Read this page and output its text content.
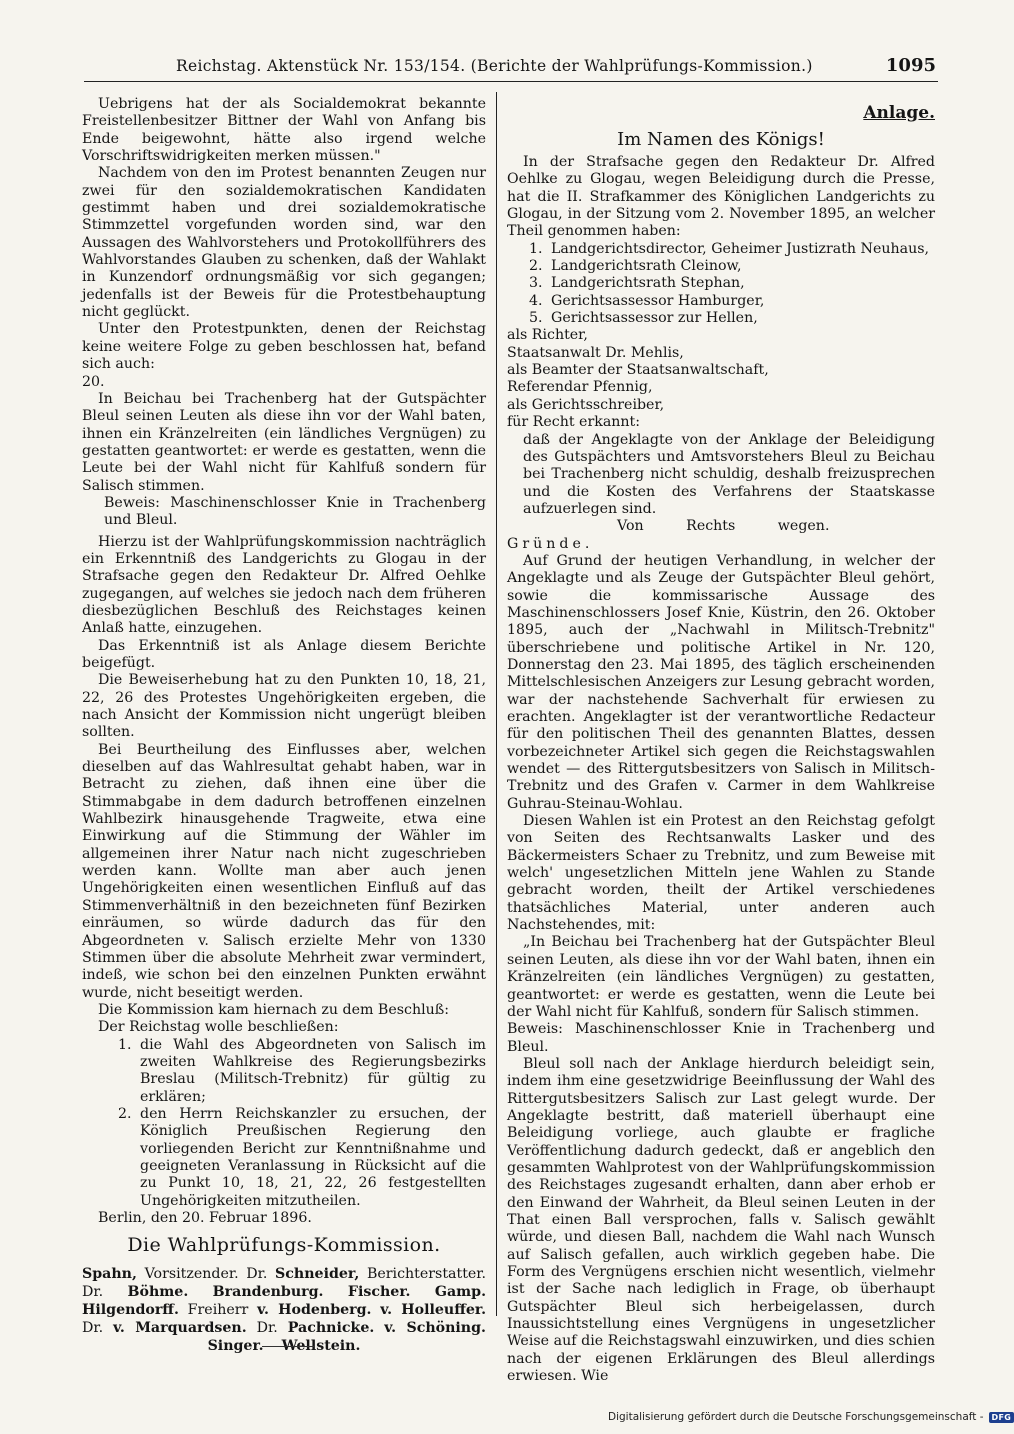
Reichstag. Aktenstück Nr. 153/154. (Berichte der Wahlprüfungs-Kommission.)	1095

Uebrigens hat der als Socialdemokrat bekannte Freistellenbesitzer Bittner der Wahl von Anfang bis Ende beigewohnt, hätte also irgend welche Vorschriftswidrigkeiten merken müssen."

Nachdem von den im Protest benannten Zeugen nur zwei für den sozialdemokratischen Kandidaten gestimmt haben und drei sozialdemokratische Stimmzettel vorgefunden worden sind, war den Aussagen des Wahlvorstehers und Protokollführers des Wahlvorstandes Glauben zu schenken, daß der Wahlakt in Kunzendorf ordnungsmäßig vor sich gegangen; jedenfalls ist der Beweis für die Protestbehauptung nicht geglückt.

Unter den Protestpunkten, denen der Reichstag keine weitere Folge zu geben beschlossen hat, befand sich auch:

20.

In Beichau bei Trachenberg hat der Gutspächter Bleul seinen Leuten als diese ihn vor der Wahl baten, ihnen ein Kränzelreiten (ein ländliches Vergnügen) zu gestatten geantwortet: er werde es gestatten, wenn die Leute bei der Wahl nicht für Kahlfuß sondern für Salisch stimmen.

Beweis: Maschinenschlosser Knie in Trachenberg und Bleul.

Hierzu ist der Wahlprüfungskommission nachträglich ein Erkenntniß des Landgerichts zu Glogau in der Strafsache gegen den Redakteur Dr. Alfred Oehlke zugegangen, auf welches sie jedoch nach dem früheren diesbezüglichen Beschluß des Reichstages keinen Anlaß hatte, einzugehen.

Das Erkenntniß ist als Anlage diesem Berichte beigefügt.

Die Beweiserhebung hat zu den Punkten 10, 18, 21, 22, 26 des Protestes Ungehörigkeiten ergeben, die nach Ansicht der Kommission nicht ungerügt bleiben sollten.

Bei Beurtheilung des Einflusses aber, welchen dieselben auf das Wahlresultat gehabt haben, war in Betracht zu ziehen, daß ihnen eine über die Stimmabgabe in dem dadurch betroffenen einzelnen Wahlbezirk hinausgehende Tragweite, etwa eine Einwirkung auf die Stimmung der Wähler im allgemeinen ihrer Natur nach nicht zugeschrieben werden kann. Wollte man aber auch jenen Ungehörigkeiten einen wesentlichen Einfluß auf das Stimmenverhältniß in den bezeichneten fünf Bezirken einräumen, so würde dadurch das für den Abgeordneten v. Salisch erzielte Mehr von 1330 Stimmen über die absolute Mehrheit zwar vermindert, indeß, wie schon bei den einzelnen Punkten erwähnt wurde, nicht beseitigt werden.

Die Kommission kam hiernach zu dem Beschluß:

Der Reichstag wolle beschließen:

1. die Wahl des Abgeordneten von Salisch im zweiten Wahlkreise des Regierungsbezirks Breslau (Militsch-Trebnitz) für gültig zu erklären;
2. den Herrn Reichskanzler zu ersuchen, der Königlich Preußischen Regierung den vorliegenden Bericht zur Kenntnißnahme und geeigneten Veranlassung in Rücksicht auf die zu Punkt 10, 18, 21, 22, 26 festgestellten Ungehörigkeiten mitzutheilen.

Berlin, den 20. Februar 1896.

Die Wahlprüfungs-Kommission.
Spahn, Vorsitzender. Dr. Schneider, Berichterstatter.
Dr. Böhme. Brandenburg. Fischer. Gamp.
Hilgendorff. Freiherr v. Hodenberg. v. Holleuffer.
Dr. v. Marquardsen. Dr. Pachnicke. v. Schöning.
Singer. Wellstein.
Anlage.
Im Namen des Königs!

In der Strafsache gegen den Redakteur Dr. Alfred Oehlke zu Glogau, wegen Beleidigung durch die Presse, hat die II. Strafkammer des Königlichen Landgerichts zu Glogau, in der Sitzung vom 2. November 1895, an welcher Theil genommen haben:

1. Landgerichtsdirector, Geheimer Justizrath Neuhaus,
2. Landgerichtsrath Cleinow,
3. Landgerichtsrath Stephan,
4. Gerichtsassessor Hamburger,
5. Gerichtsassessor zur Hellen,

als Richter,

Staatsanwalt Dr. Mehlis,

als Beamter der Staatsanwaltschaft,

Referendar Pfennig,

als Gerichtsschreiber,

für Recht erkannt:

daß der Angeklagte von der Anklage der Beleidigung des Gutspächters und Amtsvorstehers Bleul zu Beichau bei Trachenberg nicht schuldig, deshalb freizusprechen und die Kosten des Verfahrens der Staatskasse aufzuerlegen sind.

Von Rechts wegen.

Gründe.

Auf Grund der heutigen Verhandlung, in welcher der Angeklagte und als Zeuge der Gutspächter Bleul gehört, sowie die kommissarische Aussage des Maschinenschlossers Josef Knie, Küstrin, den 26. Oktober 1895, auch der „Nachwahl in Militsch-Trebnitz" überschriebene und politische Artikel in Nr. 120, Donnerstag den 23. Mai 1895, des täglich erscheinenden Mittelschlesischen Anzeigers zur Lesung gebracht worden, war der nachstehende Sachverhalt für erwiesen zu erachten. Angeklagter ist der verantwortliche Redacteur für den politischen Theil des genannten Blattes, dessen vorbezeichneter Artikel sich gegen die Reichstagswahlen wendet — des Rittergutsbesitzers von Salisch in Militsch-Trebnitz und des Grafen v. Carmer in dem Wahlkreise Guhrau-Steinau-Wohlau.

Diesen Wahlen ist ein Protest an den Reichstag gefolgt von Seiten des Rechtsanwalts Lasker und des Bäckermeisters Schaer zu Trebnitz, und zum Beweise mit welch' ungesetzlichen Mitteln jene Wahlen zu Stande gebracht worden, theilt der Artikel verschiedenes thatsächliches Material, unter anderen auch Nachstehendes, mit:

„In Beichau bei Trachenberg hat der Gutspächter Bleul seinen Leuten, als diese ihn vor der Wahl baten, ihnen ein Kränzelreiten (ein ländliches Vergnügen) zu gestatten, geantwortet: er werde es gestatten, wenn die Leute bei der Wahl nicht für Kahlfuß, sondern für Salisch stimmen.

Beweis: Maschinenschlosser Knie in Trachenberg und Bleul.

Bleul soll nach der Anklage hierdurch beleidigt sein, indem ihm eine gesetzwidrige Beeinflussung der Wahl des Rittergutsbesitzers Salisch zur Last gelegt wurde. Der Angeklagte bestritt, daß materiell überhaupt eine Beleidigung vorliege, auch glaubte er fragliche Veröffentlichung dadurch gedeckt, daß er angeblich den gesammten Wahlprotest von der Wahlprüfungskommission des Reichstages zugesandt erhalten, dann aber erhob er den Einwand der Wahrheit, da Bleul seinen Leuten in der That einen Ball versprochen, falls v. Salisch gewählt würde, und diesen Ball, nachdem die Wahl nach Wunsch auf Salisch gefallen, auch wirklich gegeben habe. Die Form des Vergnügens erschien nicht wesentlich, vielmehr ist der Sache nach lediglich in Frage, ob überhaupt Gutspächter Bleul sich herbeigelassen, durch Inaussichtstellung eines Vergnügens in ungesetzlicher Weise auf die Reichstagswahl einzuwirken, und dies schien nach der eigenen Erklärungen des Bleul allerdings erwiesen. Wie

Digitalisierung gefördert durch die Deutsche Forschungsgemeinschaft - DFG
